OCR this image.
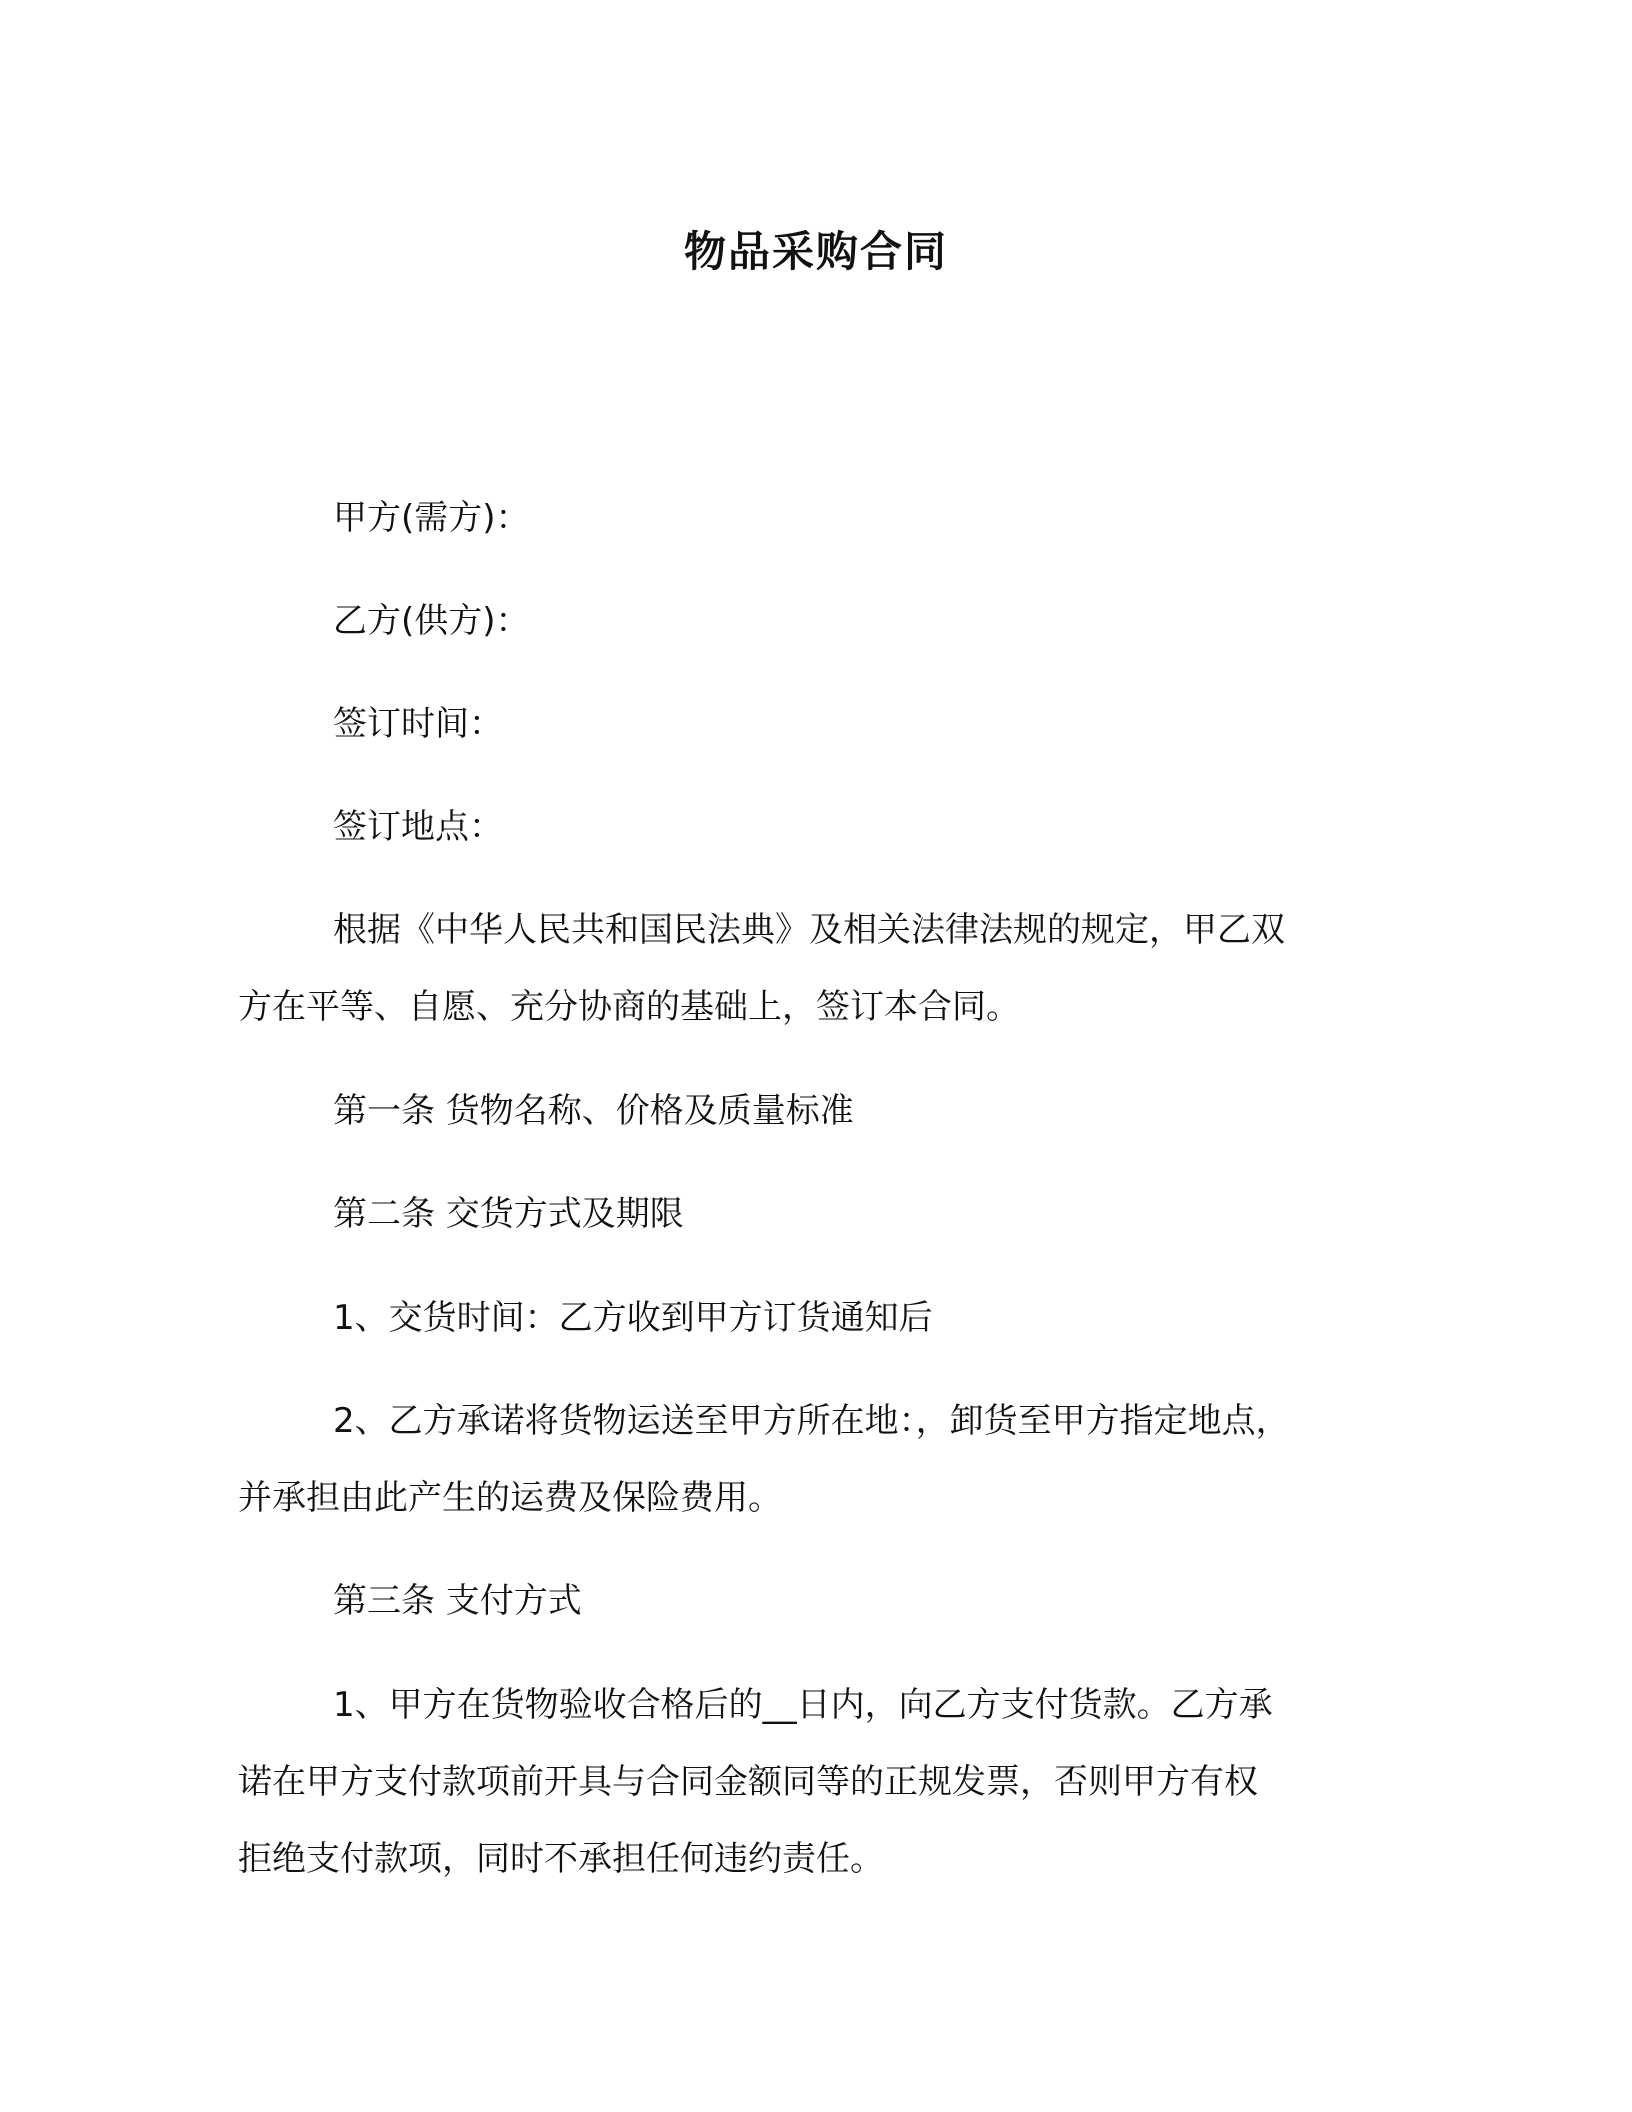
物品采购合同
甲方(需方)：
乙方(供方)：
签订时间：
签订地点：
根据《中华人民共和国民法典》及相关法律法规的规定，甲乙双
方在平等、自愿、充分协商的基础上，签订本合同。
第一条 货物名称、价格及质量标准
第二条 交货方式及期限
1、交货时间：乙方收到甲方订货通知后
2、乙方承诺将货物运送至甲方所在地：，卸货至甲方指定地点，
并承担由此产生的运费及保险费用。
第三条 支付方式
1、甲方在货物验收合格后的__日内，向乙方支付货款。乙方承
诺在甲方支付款项前开具与合同金额同等的正规发票，否则甲方有权
拒绝支付款项，同时不承担任何违约责任。
